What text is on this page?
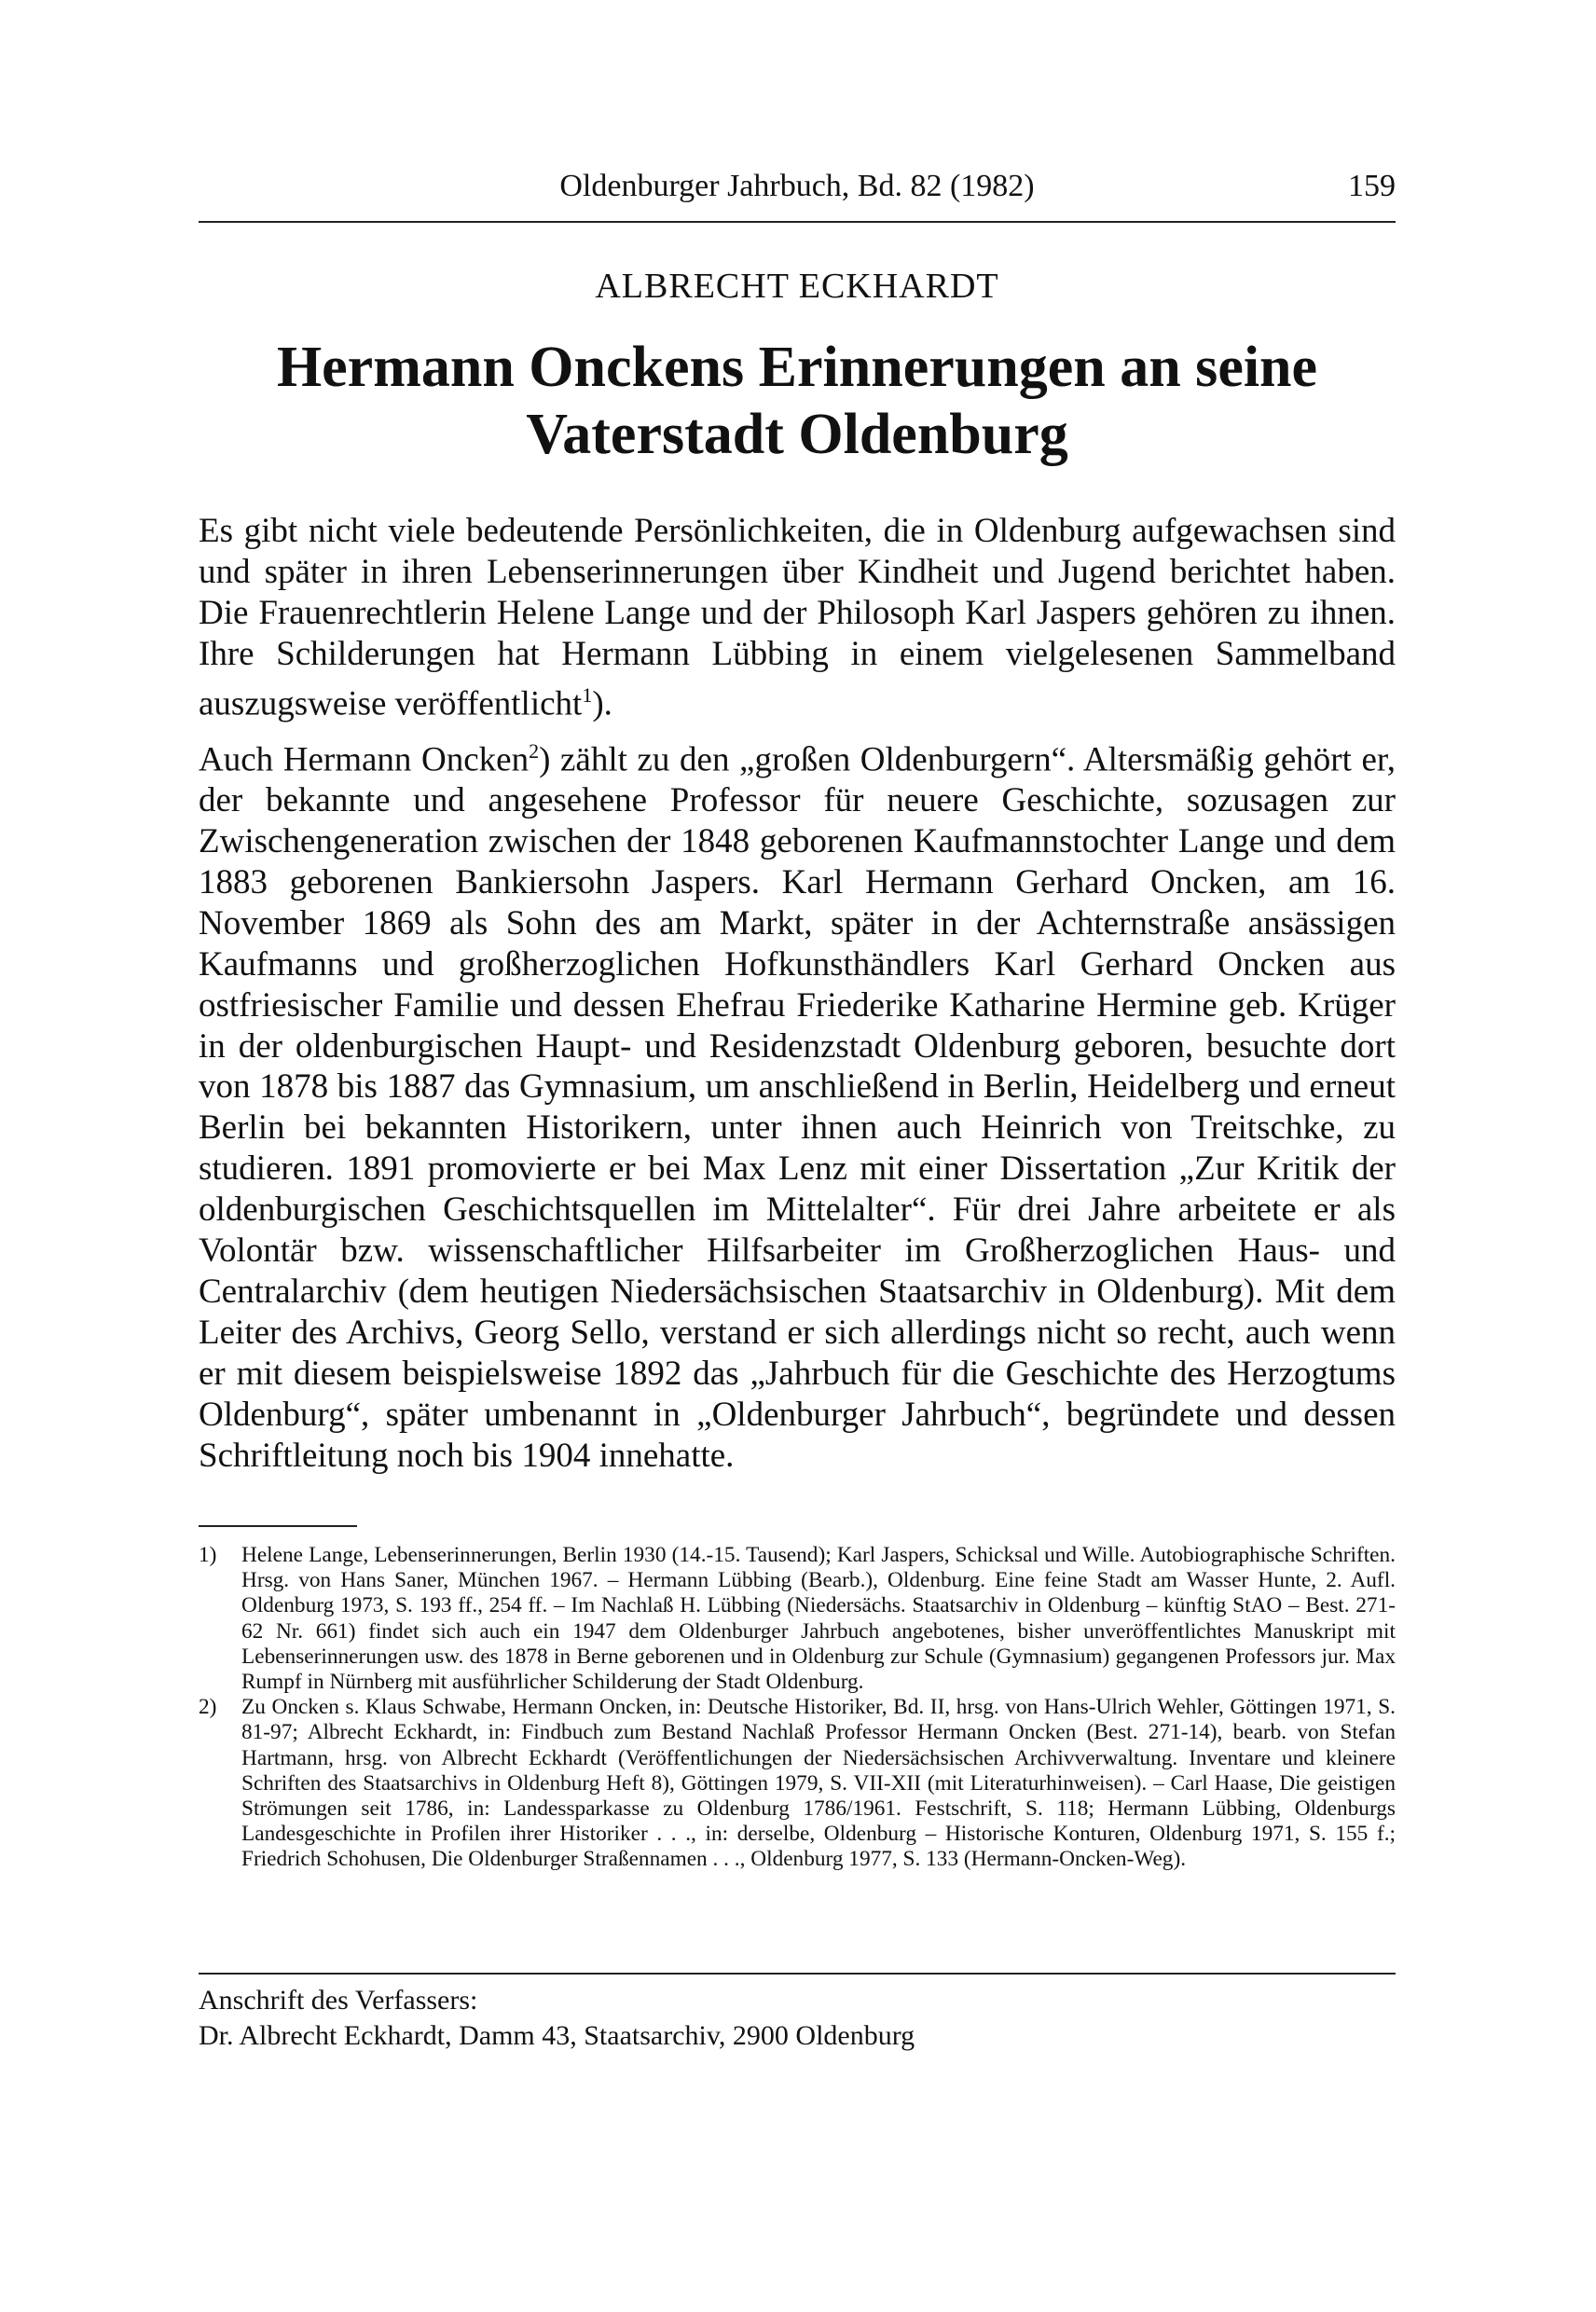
Oldenburger Jahrbuch, Bd. 82 (1982)	159
ALBRECHT ECKHARDT
Hermann Onckens Erinnerungen an seine
Vaterstadt Oldenburg

Es gibt nicht viele bedeutende Persönlichkeiten, die in Oldenburg aufgewachsen sind und später in ihren Lebenserinnerungen über Kindheit und Jugend berichtet haben. Die Frauenrechtlerin Helene Lange und der Philosoph Karl Jaspers gehören zu ihnen. Ihre Schilderungen hat Hermann Lübbing in einem vielgelesenen Sammelband auszugsweise veröffentlicht$^1$).

Auch Hermann Oncken$^2$) zählt zu den „großen Oldenburgern“. Altersmäßig gehört er, der bekannte und angesehene Professor für neuere Geschichte, sozusagen zur Zwischengeneration zwischen der 1848 geborenen Kaufmannstochter Lange und dem 1883 geborenen Bankiersohn Jaspers. Karl Hermann Gerhard Oncken, am 16. November 1869 als Sohn des am Markt, später in der Achternstraße ansässigen Kaufmanns und großherzoglichen Hofkunsthändlers Karl Gerhard Oncken aus ostfriesischer Familie und dessen Ehefrau Friederike Katharine Hermine geb. Krüger in der oldenburgischen Haupt- und Residenzstadt Oldenburg geboren, besuchte dort von 1878 bis 1887 das Gymnasium, um anschließend in Berlin, Heidelberg und erneut Berlin bei bekannten Historikern, unter ihnen auch Heinrich von Treitschke, zu studieren. 1891 promovierte er bei Max Lenz mit einer Dissertation „Zur Kritik der oldenburgischen Geschichtsquellen im Mittelalter“. Für drei Jahre arbeitete er als Volontär bzw. wissenschaftlicher Hilfsarbeiter im Großherzoglichen Haus- und Centralarchiv (dem heutigen Niedersächsischen Staatsarchiv in Oldenburg). Mit dem Leiter des Archivs, Georg Sello, verstand er sich allerdings nicht so recht, auch wenn er mit diesem beispielsweise 1892 das „Jahrbuch für die Geschichte des Herzogtums Oldenburg“, später umbenannt in „Oldenburger Jahrbuch“, begründete und dessen Schriftleitung noch bis 1904 innehatte.

1) Helene Lange, Lebenserinnerungen, Berlin 1930 (14.-15. Tausend); Karl Jaspers, Schicksal und Wille. Autobiographische Schriften. Hrsg. von Hans Saner, München 1967. – Hermann Lübbing (Bearb.), Oldenburg. Eine feine Stadt am Wasser Hunte, 2. Aufl. Oldenburg 1973, S. 193 ff., 254 ff. – Im Nachlaß H. Lübbing (Niedersächs. Staatsarchiv in Oldenburg – künftig StAO – Best. 271-62 Nr. 661) findet sich auch ein 1947 dem Oldenburger Jahrbuch angebotenes, bisher unveröffentlichtes Manuskript mit Lebenserinnerungen usw. des 1878 in Berne geborenen und in Oldenburg zur Schule (Gymnasium) gegangenen Professors jur. Max Rumpf in Nürnberg mit ausführlicher Schilderung der Stadt Oldenburg.
2) Zu Oncken s. Klaus Schwabe, Hermann Oncken, in: Deutsche Historiker, Bd. II, hrsg. von Hans-Ulrich Wehler, Göttingen 1971, S. 81-97; Albrecht Eckhardt, in: Findbuch zum Bestand Nachlaß Professor Hermann Oncken (Best. 271-14), bearb. von Stefan Hartmann, hrsg. von Albrecht Eckhardt (Veröffentlichungen der Niedersächsischen Archivverwaltung. Inventare und kleinere Schriften des Staatsarchivs in Oldenburg Heft 8), Göttingen 1979, S. VII-XII (mit Literaturhinweisen). – Carl Haase, Die geistigen Strömungen seit 1786, in: Landessparkasse zu Oldenburg 1786/1961. Festschrift, S. 118; Hermann Lübbing, Oldenburgs Landesgeschichte in Profilen ihrer Historiker . . ., in: derselbe, Oldenburg – Historische Konturen, Oldenburg 1971, S. 155 f.; Friedrich Schohusen, Die Oldenburger Straßennamen . . ., Oldenburg 1977, S. 133 (Hermann-Oncken-Weg).
Anschrift des Verfassers:
Dr. Albrecht Eckhardt, Damm 43, Staatsarchiv, 2900 Oldenburg
